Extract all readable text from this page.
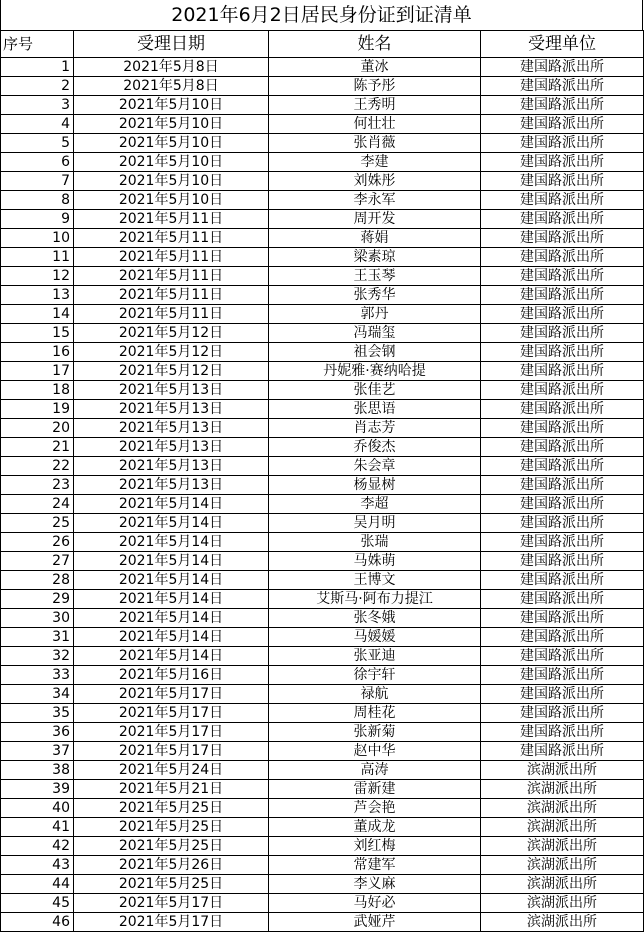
2021年6月2日居民身份证到证清单
序号	受理日期	姓名	受理单位
1	2021年5月8日	董冰	建国路派出所
2	2021年5月8日	陈予彤	建国路派出所
3	2021年5月10日	王秀明	建国路派出所
4	2021年5月10日	何壮壮	建国路派出所
5	2021年5月10日	张肖薇	建国路派出所
6	2021年5月10日	李建	建国路派出所
7	2021年5月10日	刘姝彤	建国路派出所
8	2021年5月10日	李永军	建国路派出所
9	2021年5月11日	周开发	建国路派出所
10	2021年5月11日	蒋娟	建国路派出所
11	2021年5月11日	梁素琼	建国路派出所
12	2021年5月11日	王玉琴	建国路派出所
13	2021年5月11日	张秀华	建国路派出所
14	2021年5月11日	郭丹	建国路派出所
15	2021年5月12日	冯瑞玺	建国路派出所
16	2021年5月12日	祖会钢	建国路派出所
17	2021年5月12日	丹妮雅·赛纳哈提	建国路派出所
18	2021年5月13日	张佳艺	建国路派出所
19	2021年5月13日	张思语	建国路派出所
20	2021年5月13日	肖志芳	建国路派出所
21	2021年5月13日	乔俊杰	建国路派出所
22	2021年5月13日	朱会章	建国路派出所
23	2021年5月13日	杨显树	建国路派出所
24	2021年5月14日	李超	建国路派出所
25	2021年5月14日	吴月明	建国路派出所
26	2021年5月14日	张瑞	建国路派出所
27	2021年5月14日	马姝萌	建国路派出所
28	2021年5月14日	王博文	建国路派出所
29	2021年5月14日	艾斯马·阿布力提江	建国路派出所
30	2021年5月14日	张冬娥	建国路派出所
31	2021年5月14日	马媛媛	建国路派出所
32	2021年5月14日	张亚迪	建国路派出所
33	2021年5月16日	徐宇轩	建国路派出所
34	2021年5月17日	禄航	建国路派出所
35	2021年5月17日	周桂花	建国路派出所
36	2021年5月17日	张新菊	建国路派出所
37	2021年5月17日	赵中华	建国路派出所
38	2021年5月24日	高涛	滨湖派出所
39	2021年5月21日	雷新建	滨湖派出所
40	2021年5月25日	芦会艳	滨湖派出所
41	2021年5月25日	董成龙	滨湖派出所
42	2021年5月25日	刘红梅	滨湖派出所
43	2021年5月26日	常建军	滨湖派出所
44	2021年5月25日	李义麻	滨湖派出所
45	2021年5月17日	马好必	滨湖派出所
46	2021年5月17日	武娅芹	滨湖派出所
